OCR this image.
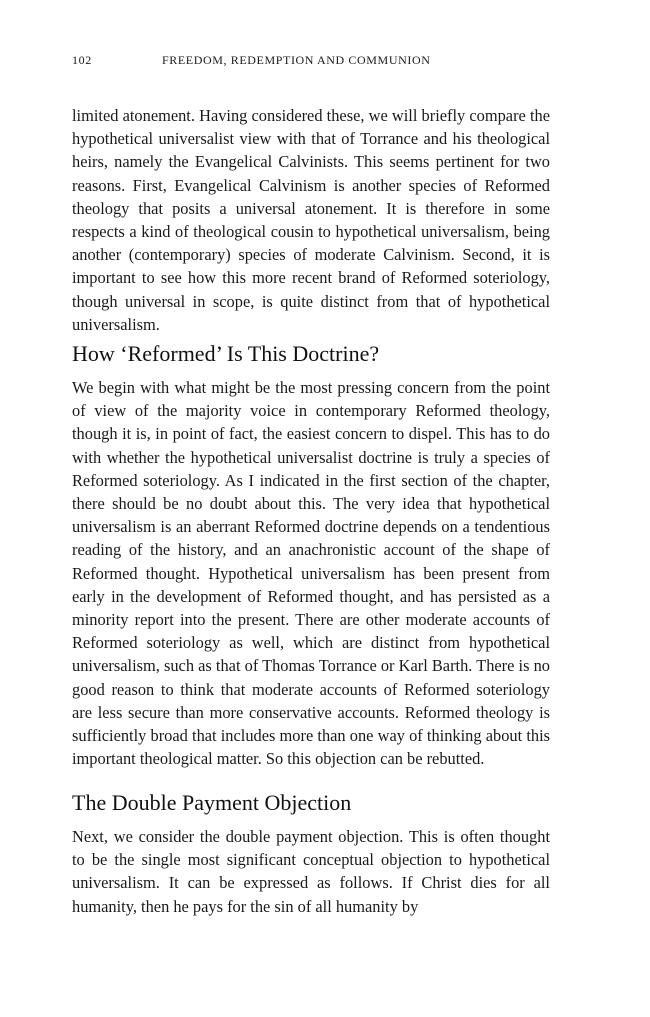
102	FREEDOM, REDEMPTION AND COMMUNION

limited atonement. Having considered these, we will briefly compare the hypothetical universalist view with that of Torrance and his theological heirs, namely the Evangelical Calvinists. This seems pertinent for two reasons. First, Evangelical Calvinism is another species of Reformed theology that posits a universal atonement. It is therefore in some respects a kind of theological cousin to hypothetical universalism, being another (contemporary) species of moderate Calvinism. Second, it is important to see how this more recent brand of Reformed soteriology, though universal in scope, is quite distinct from that of hypothetical universalism.

How ‘Reformed’ Is This Doctrine?

We begin with what might be the most pressing concern from the point of view of the majority voice in contemporary Reformed theology, though it is, in point of fact, the easiest concern to dispel. This has to do with whether the hypothetical universalist doctrine is truly a species of Reformed soteriology. As I indicated in the first section of the chapter, there should be no doubt about this. The very idea that hypothetical universalism is an aberrant Reformed doctrine depends on a tendentious reading of the history, and an anachronistic account of the shape of Reformed thought. Hypothetical universalism has been present from early in the development of Reformed thought, and has persisted as a minority report into the present. There are other moderate accounts of Reformed soteriology as well, which are distinct from hypothetical universalism, such as that of Thomas Torrance or Karl Barth. There is no good reason to think that moderate accounts of Reformed soteriology are less secure than more conservative accounts. Reformed theology is sufficiently broad that includes more than one way of thinking about this important theological matter. So this objection can be rebutted.

The Double Payment Objection

Next, we consider the double payment objection. This is often thought to be the single most significant conceptual objection to hypothetical universalism. It can be expressed as follows. If Christ dies for all humanity, then he pays for the sin of all humanity by
